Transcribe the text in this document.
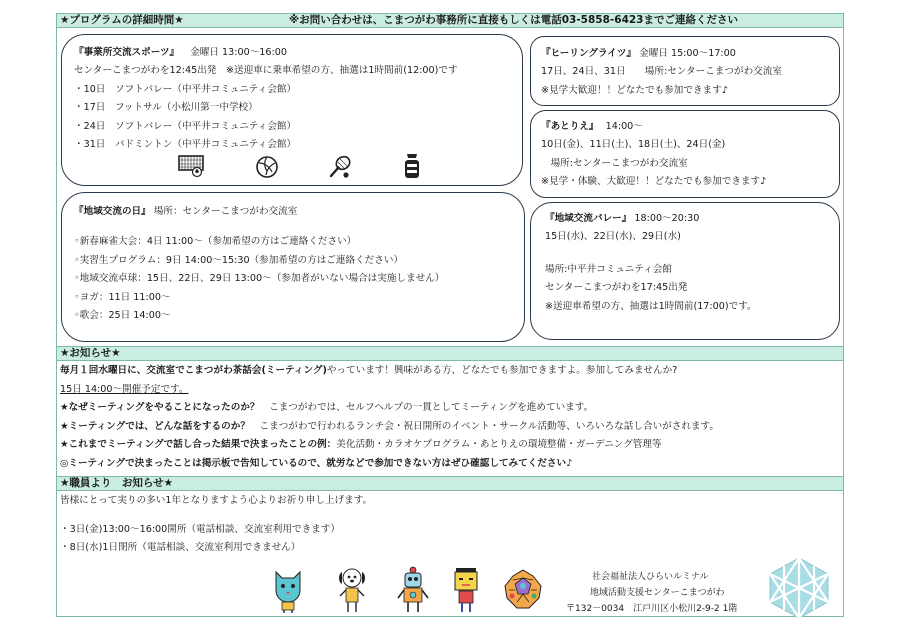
★プログラムの詳細時間★	※お問い合わせは、こまつがわ事務所に直接もしくは電話03-5858-6423までご連絡ください
『事業所交流スポーツ』 金曜日 13:00～16:00
センターこまつがわを12:45出発　※送迎車に乗車希望の方、抽選は1時間前(12:00)です
・10日　ソフトバレー（中平井コミュニティ会館）
・17日　フットサル（小松川第一中学校）
・24日　ソフトバレー（中平井コミュニティ会館）
・31日　バドミントン（中平井コミュニティ会館）
『ヒーリングライツ』 金曜日 15:00～17:00
17日、24日、31日　　場所:センターこまつがわ交流室
※見学大歓迎！！どなたでも参加できます♪
『あとりえ』 14:00～
10日(金)、11日(土)、18日(土)、24日(金)
　場所:センターこまつがわ交流室
※見学・体験、大歓迎！！どなたでも参加できます♪
『地域交流の日』 場所：センターこまつがわ交流室
◦新春麻雀大会：4日 11:00～（参加希望の方はご連絡ください）
◦実習生プログラム：9日 14:00～15:30（参加希望の方はご連絡ください）
◦地域交流卓球：15日、22日、29日 13:00～（参加者がいない場合は実施しません）
◦ヨガ：11日 11:00～
◦歌会：25日 14:00～
『地域交流バレー』 18:00～20:30
15日(水)、22日(水)、29日(水)
場所:中平井コミュニティ会館
センターこまつがわを17:45出発
※送迎車希望の方、抽選は1時間前(17:00)です。
★お知らせ★
毎月１回水曜日に、交流室でこまつがわ茶話会(ミーティング)やっています！興味がある方、どなたでも参加できますよ。参加してみませんか?
15日 14:00～開催予定です。
★なぜミーティングをやることになったのか？　こまつがわでは、セルフヘルプの一貫としてミーティングを進めています。
★ミーティングでは、どんな話をするのか？　こまつがわで行われるランチ会・祝日開所のイベント・サークル活動等、いろいろな話し合いがされます。
★これまでミーティングで話し合った結果で決まったことの例：美化活動・カラオケプログラム・あとりえの環境整備・ガーデニング管理等
◎ミーティングで決まったことは掲示板で告知しているので、就労などで参加できない方はぜひ確認してみてください♪
★職員より　お知らせ★
皆様にとって実りの多い1年となりますよう心よりお祈り申し上げます。
・3日(金)13:00～16:00開所（電話相談、交流室利用できます）
・8日(水)1日閉所（電話相談、交流室利用できません）
社会福祉法人ひらいルミナル
地域活動支援センターこまつがわ
〒132－0034　江戸川区小松川2-9-2 1階
